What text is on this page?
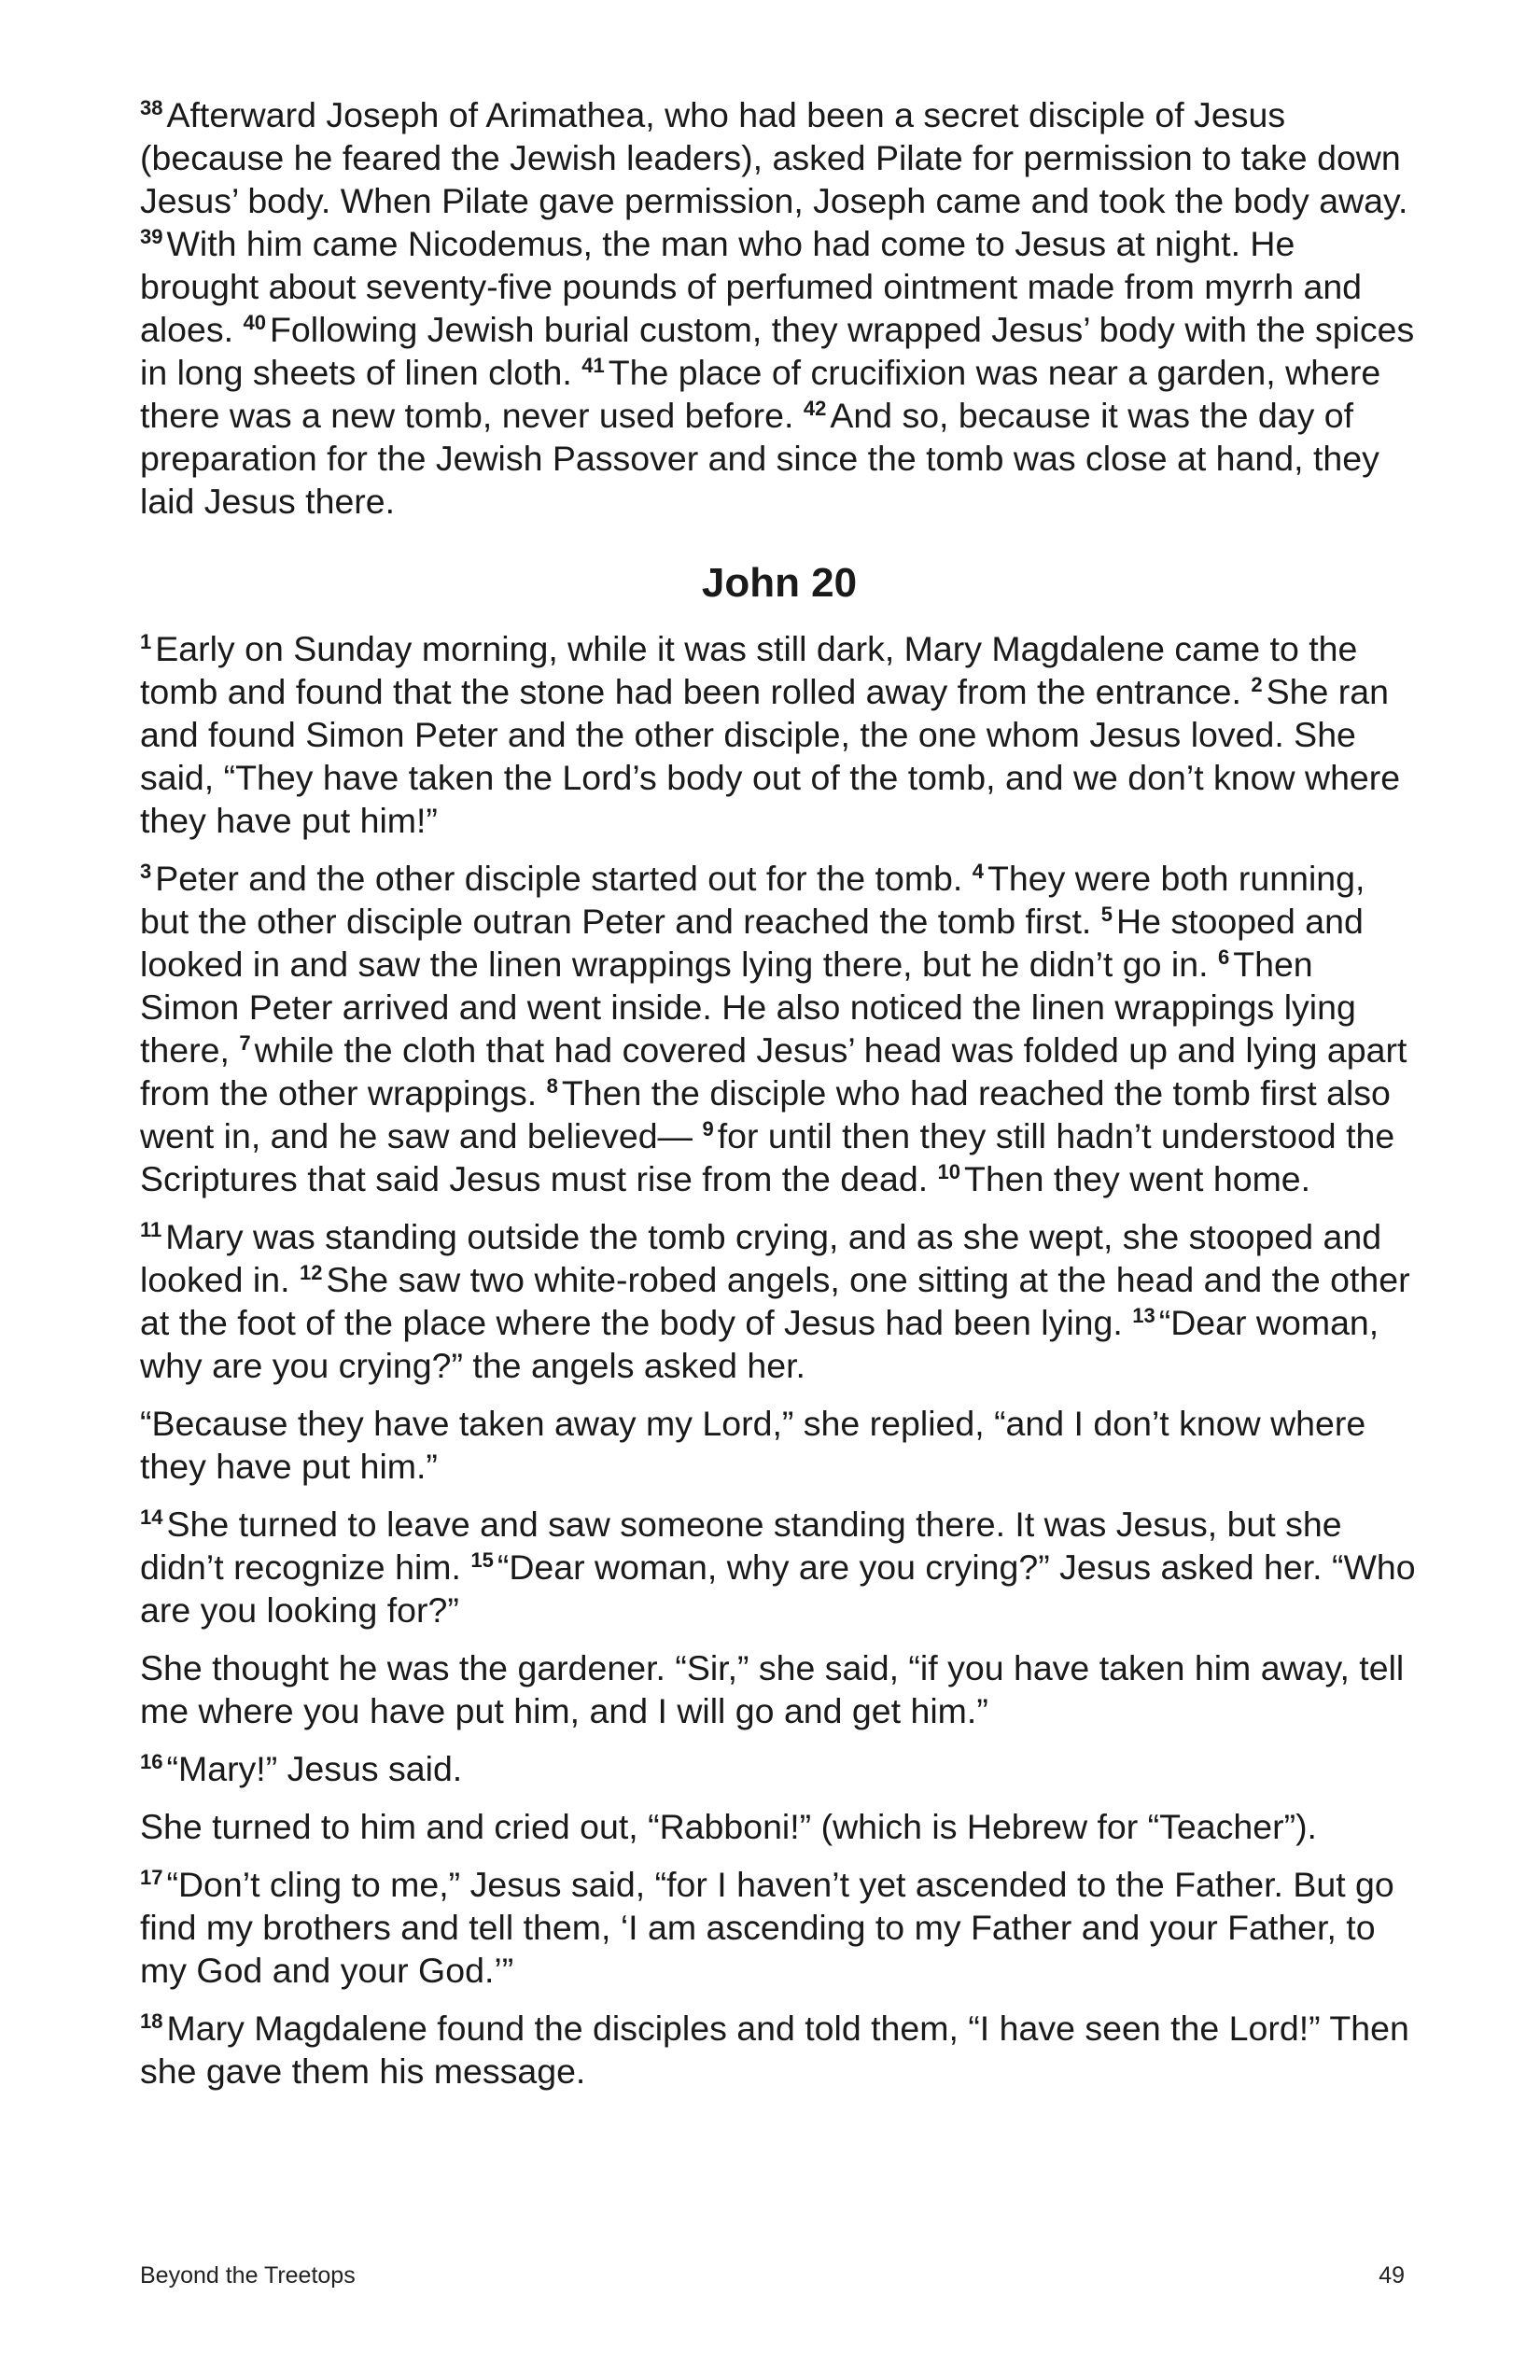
$^{38}$ Afterward Joseph of Arimathea, who had been a secret disciple of Jesus (because he feared the Jewish leaders), asked Pilate for permission to take down Jesus’ body. When Pilate gave permission, Joseph came and took the body away. $^{39}$ With him came Nicodemus, the man who had come to Jesus at night. He brought about seventy-five pounds of perfumed ointment made from myrrh and aloes. $^{40}$ Following Jewish burial custom, they wrapped Jesus’ body with the spices in long sheets of linen cloth. $^{41}$ The place of crucifixion was near a garden, where there was a new tomb, never used before. $^{42}$ And so, because it was the day of preparation for the Jewish Passover and since the tomb was close at hand, they laid Jesus there.

John 20

$^1$ Early on Sunday morning, while it was still dark, Mary Magdalene came to the tomb and found that the stone had been rolled away from the entrance. $^2$ She ran and found Simon Peter and the other disciple, the one whom Jesus loved. She said, “They have taken the Lord’s body out of the tomb, and we don’t know where they have put him!”

$^3$ Peter and the other disciple started out for the tomb. $^4$ They were both running, but the other disciple outran Peter and reached the tomb first. $^5$ He stooped and looked in and saw the linen wrappings lying there, but he didn’t go in. $^6$ Then Simon Peter arrived and went inside. He also noticed the linen wrappings lying there, $^7$ while the cloth that had covered Jesus’ head was folded up and lying apart from the other wrappings. $^8$ Then the disciple who had reached the tomb first also went in, and he saw and believed— $^9$ for until then they still hadn’t understood the Scriptures that said Jesus must rise from the dead. $^{10}$ Then they went home.

$^{11}$ Mary was standing outside the tomb crying, and as she wept, she stooped and looked in. $^{12}$ She saw two white-robed angels, one sitting at the head and the other at the foot of the place where the body of Jesus had been lying. $^{13}$ “Dear woman, why are you crying?” the angels asked her.

“Because they have taken away my Lord,” she replied, “and I don’t know where they have put him.”

$^{14}$ She turned to leave and saw someone standing there. It was Jesus, but she didn’t recognize him. $^{15}$ “Dear woman, why are you crying?” Jesus asked her. “Who are you looking for?”

She thought he was the gardener. “Sir,” she said, “if you have taken him away, tell me where you have put him, and I will go and get him.”

$^{16}$ “Mary!” Jesus said.

She turned to him and cried out, “Rabboni!” (which is Hebrew for “Teacher”).

$^{17}$ “Don’t cling to me,” Jesus said, “for I haven’t yet ascended to the Father. But go find my brothers and tell them, ‘I am ascending to my Father and your Father, to my God and your God.’”

$^{18}$ Mary Magdalene found the disciples and told them, “I have seen the Lord!” Then she gave them his message.

Beyond the Treetops	49
